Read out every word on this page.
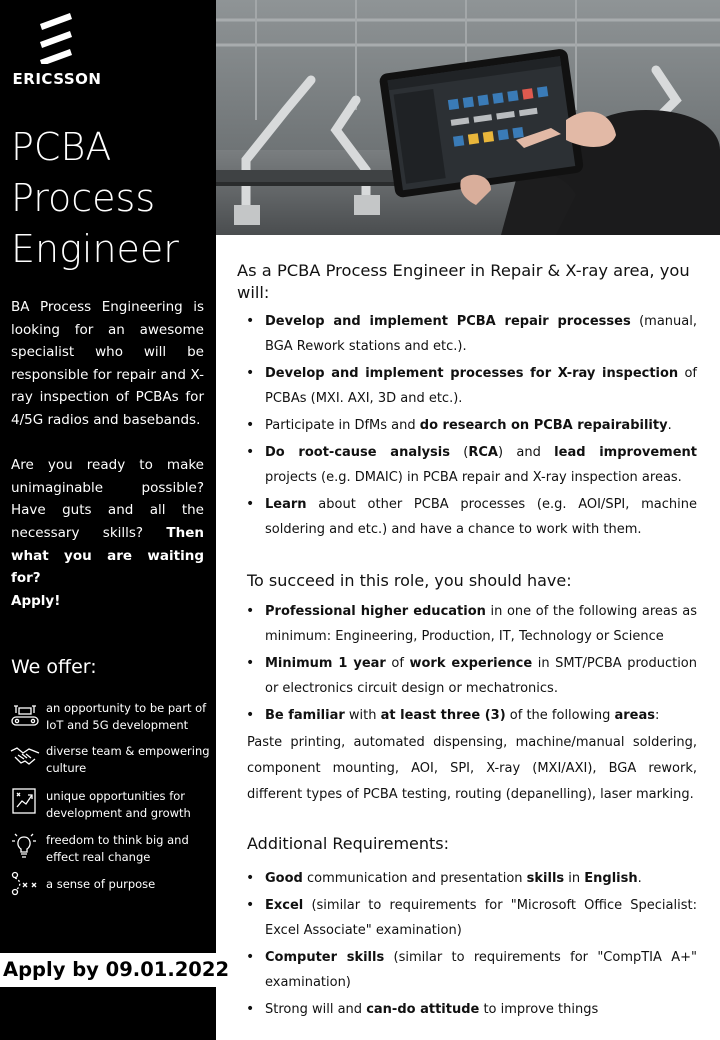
ERICSSON
PCBA
Process
Engineer

BA Process Engineering is looking for an awesome specialist who will be responsible for repair and X-ray inspection of PCBAs for 4/5G radios and basebands.

Are you ready to make unimaginable possible? Have guts and all the necessary skills? Then what you are waiting for?
Apply!

We offer:
an opportunity to be part of IoT and 5G development
diverse team & empowering culture
unique opportunities for development and growth
freedom to think big and effect real change
a sense of purpose
Apply by 09.01.2022
As a PCBA Process Engineer in Repair & X-ray area, you will:
• Develop and implement PCBA repair processes (manual, BGA Rework stations and etc.).
• Develop and implement processes for X-ray inspection of PCBAs (MXI. AXI, 3D and etc.).
• Participate in DfMs and do research on PCBA repairability.
• Do root-cause analysis (RCA) and lead improvement projects (e.g. DMAIC) in PCBA repair and X-ray inspection areas.
• Learn about other PCBA processes (e.g. AOI/SPI, machine soldering and etc.) and have a chance to work with them.
To succeed in this role, you should have:
• Professional higher education in one of the following areas as minimum: Engineering, Production, IT, Technology or Science
• Minimum 1 year of work experience in SMT/PCBA production or electronics circuit design or mechatronics.
• Be familiar with at least three (3) of the following areas:
Paste printing, automated dispensing, machine/manual soldering, component mounting, AOI, SPI, X-ray (MXI/AXI), BGA rework, different types of PCBA testing, routing (depanelling), laser marking.
Additional Requirements:
• Good communication and presentation skills in English.
• Excel (similar to requirements for "Microsoft Office Specialist: Excel Associate" examination)
• Computer skills (similar to requirements for "CompTIA A+" examination)
• Strong will and can-do attitude to improve things
